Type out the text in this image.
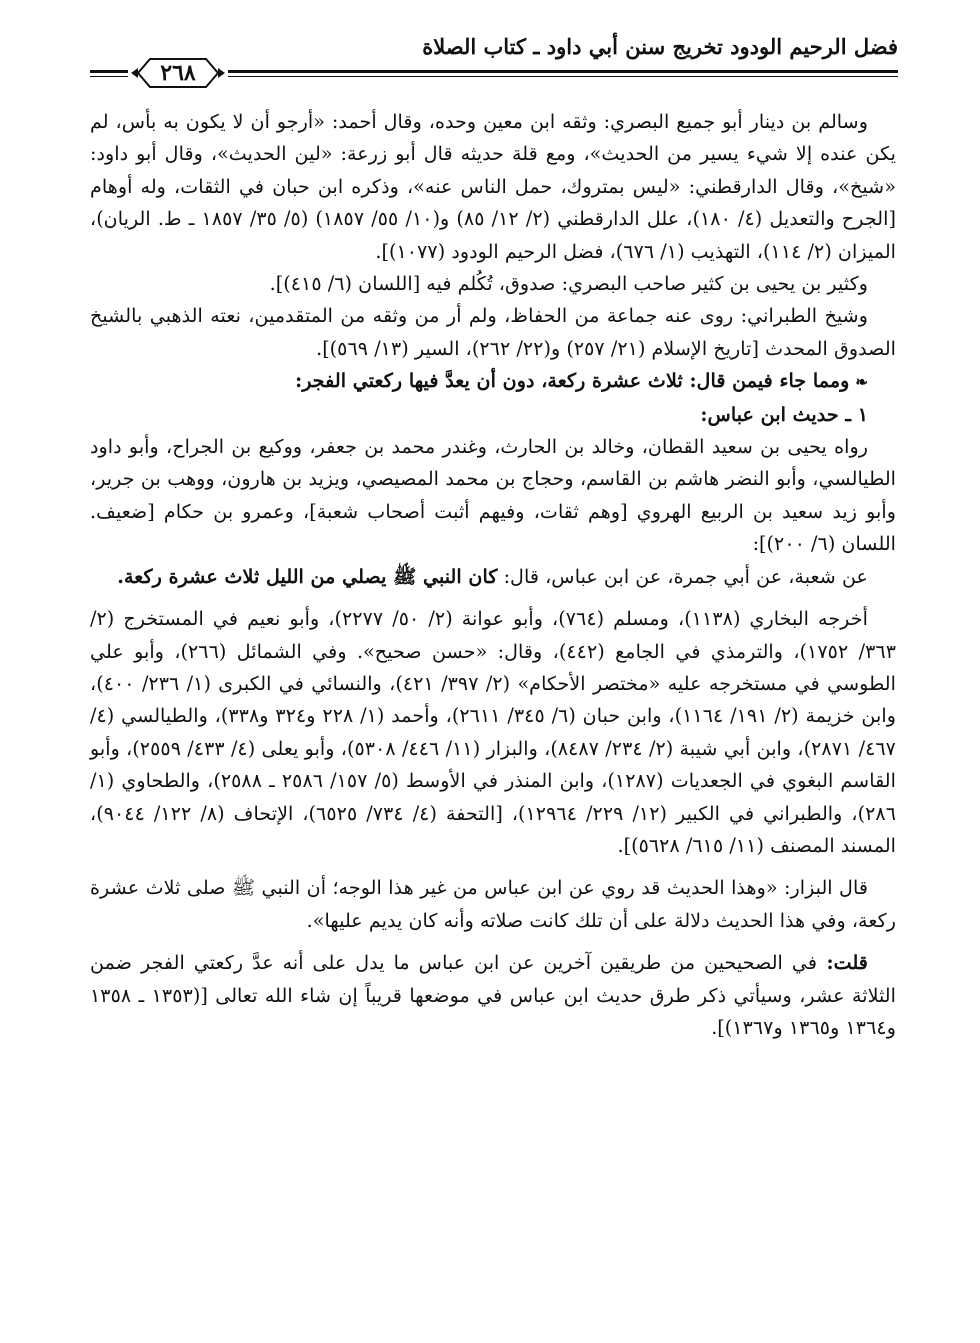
فضل الرحيم الودود تخريج سنن أبي داود ـ كتاب الصلاة
٢٦٨

وسالم بن دينار أبو جميع البصري: وثقه ابن معين وحده، وقال أحمد: «أرجو أن لا يكون به بأس، لم يكن عنده إلا شيء يسير من الحديث»، ومع قلة حديثه قال أبو زرعة: «لين الحديث»، وقال أبو داود: «شيخ»، وقال الدارقطني: «ليس بمتروك، حمل الناس عنه»، وذكره ابن حبان في الثقات، وله أوهام [الجرح والتعديل (٤/ ١٨٠)، علل الدارقطني (٢/ ١٢/ ٨٥) و(١٠/ ٥٥/ ١٨٥٧) (٥/ ٣٥/ ١٨٥٧ ـ ط. الريان)، الميزان (٢/ ١١٤)، التهذيب (١/ ٦٧٦)، فضل الرحيم الودود (١٠٧٧)].

وكثير بن يحيى بن كثير صاحب البصري: صدوق، تُكُلم فيه [اللسان (٦/ ٤١٥)].

وشيخ الطبراني: روى عنه جماعة من الحفاظ، ولم أر من وثقه من المتقدمين، نعته الذهبي بالشيخ الصدوق المحدث [تاريخ الإسلام (٢١/ ٢٥٧) و(٢٢/ ٢٦٢)، السير (١٣/ ٥٦٩)].

❧ومما جاء فيمن قال: ثلاث عشرة ركعة، دون أن يعدَّ فيها ركعتي الفجر:

١ ـ حديث ابن عباس:

رواه يحيى بن سعيد القطان، وخالد بن الحارث، وغندر محمد بن جعفر، ووكيع بن الجراح، وأبو داود الطيالسي، وأبو النضر هاشم بن القاسم، وحجاج بن محمد المصيصي، ويزيد بن هارون، ووهب بن جرير، وأبو زيد سعيد بن الربيع الهروي [وهم ثقات، وفيهم أثبت أصحاب شعبة]، وعمرو بن حكام [ضعيف. اللسان (٦/ ٢٠٠)]:

عن شعبة، عن أبي جمرة، عن ابن عباس، قال: كان النبي ﷺ يصلي من الليل ثلاث عشرة ركعة.

أخرجه البخاري (١١٣٨)، ومسلم (٧٦٤)، وأبو عوانة (٢/ ٥٠/ ٢٢٧٧)، وأبو نعيم في المستخرج (٢/ ٣٦٣/ ١٧٥٢)، والترمذي في الجامع (٤٤٢)، وقال: «حسن صحيح». وفي الشمائل (٢٦٦)، وأبو علي الطوسي في مستخرجه عليه «مختصر الأحكام» (٢/ ٣٩٧/ ٤٢١)، والنسائي في الكبرى (١/ ٢٣٦/ ٤٠٠)، وابن خزيمة (٢/ ١٩١/ ١١٦٤)، وابن حبان (٦/ ٣٤٥/ ٢٦١١)، وأحمد (١/ ٢٢٨ و٣٢٤ و٣٣٨)، والطيالسي (٤/ ٤٦٧/ ٢٨٧١)، وابن أبي شيبة (٢/ ٢٣٤/ ٨٤٨٧)، والبزار (١١/ ٤٤٦/ ٥٣٠٨)، وأبو يعلى (٤/ ٤٣٣/ ٢٥٥٩)، وأبو القاسم البغوي في الجعديات (١٢٨٧)، وابن المنذر في الأوسط (٥/ ١٥٧/ ٢٥٨٦ ـ ٢٥٨٨)، والطحاوي (١/ ٢٨٦)، والطبراني في الكبير (١٢/ ٢٢٩/ ١٢٩٦٤)، [التحفة (٤/ ٧٣٤/ ٦٥٢٥)، الإتحاف (٨/ ١٢٢/ ٩٠٤٤)، المسند المصنف (١١/ ٦١٥/ ٥٦٢٨)].

قال البزار: «وهذا الحديث قد روي عن ابن عباس من غير هذا الوجه؛ أن النبي ﷺ صلى ثلاث عشرة ركعة، وفي هذا الحديث دلالة على أن تلك كانت صلاته وأنه كان يديم عليها».

قلت: في الصحيحين من طريقين آخرين عن ابن عباس ما يدل على أنه عدَّ ركعتي الفجر ضمن الثلاثة عشر، وسيأتي ذكر طرق حديث ابن عباس في موضعها قريباً إن شاء الله تعالى [(١٣٥٣ ـ ١٣٥٨ و١٣٦٤ و١٣٦٥ و١٣٦٧)].
